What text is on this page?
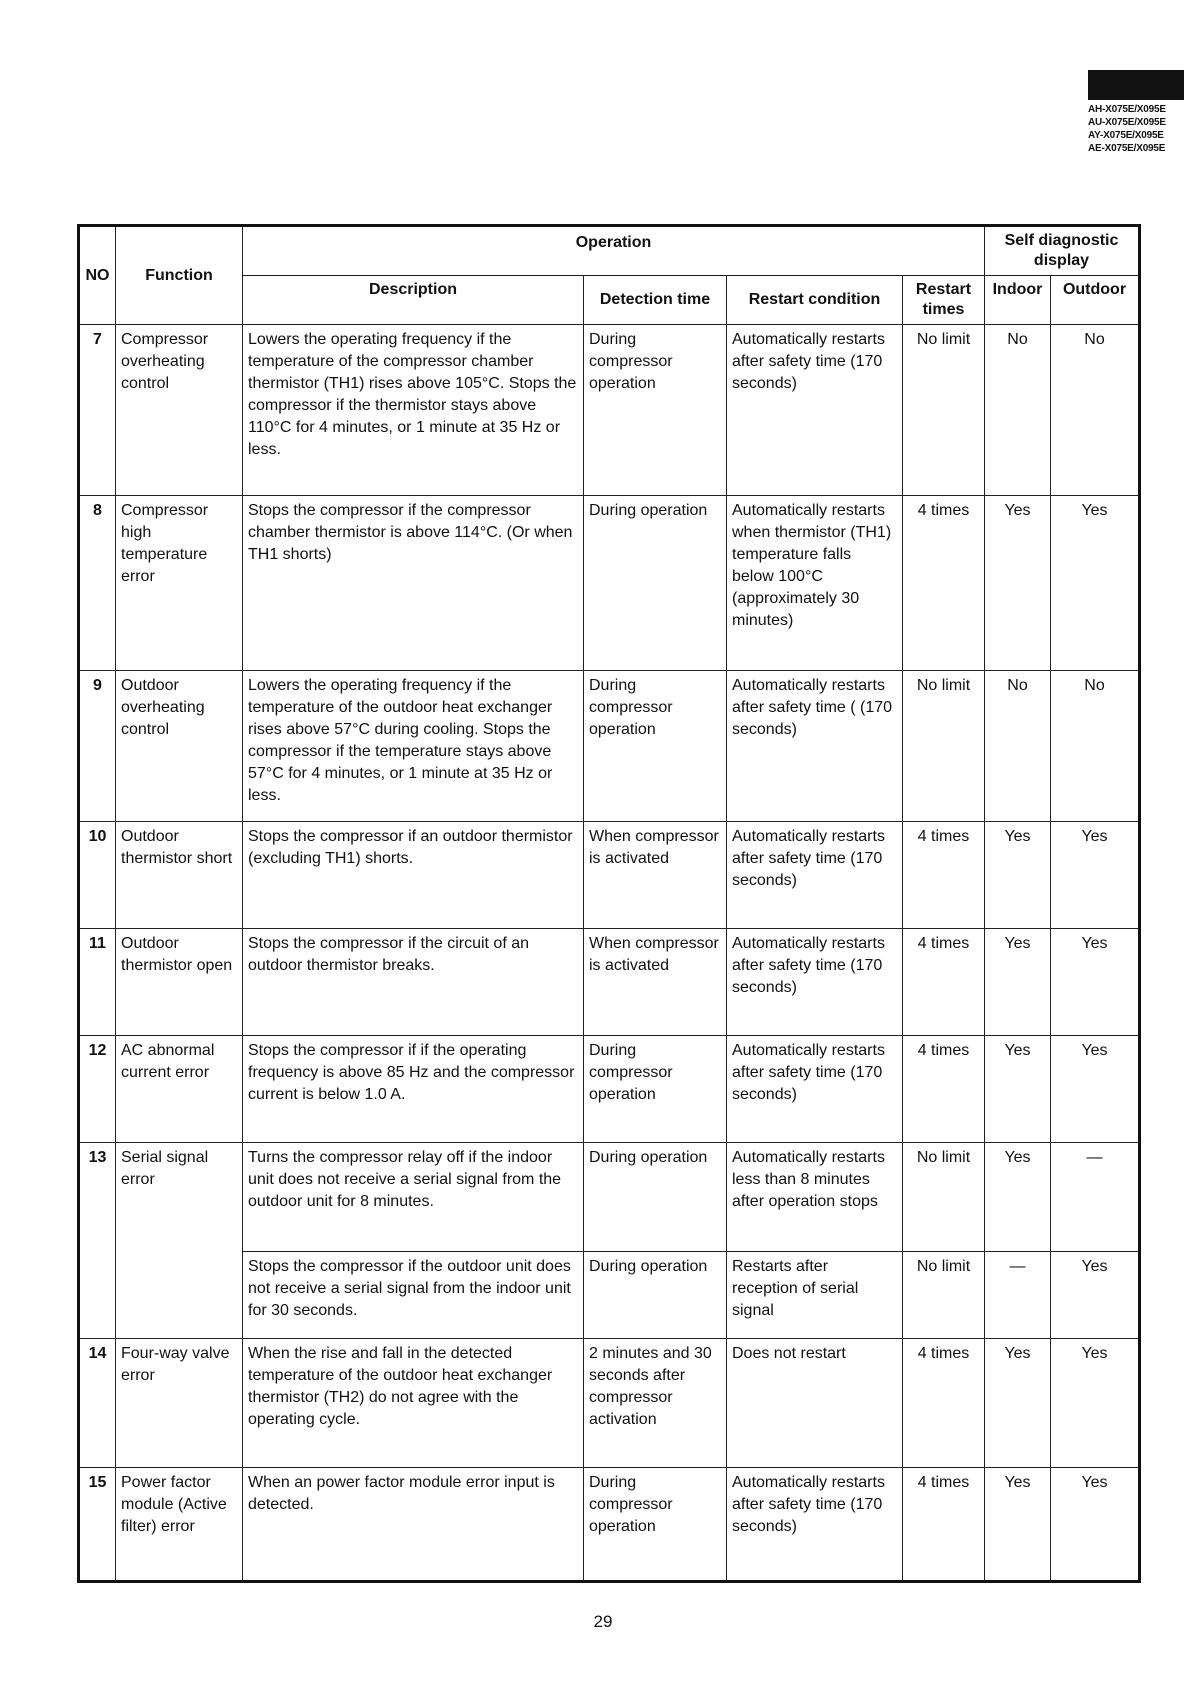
AH-X075E/X095E
AU-X075E/X095E
AY-X075E/X095E
AE-X075E/X095E
NO	Function	Operation				Self diagnostic display	
		Description	Detection time	Restart condition	Restart times	Indoor	Outdoor
7	Compressor overheating control	Lowers the operating frequency if the temperature of the compressor chamber thermistor (TH1) rises above 105°C. Stops the compressor if the thermistor stays above 110°C for 4 minutes, or 1 minute at 35 Hz or less.	During compressor operation	Automatically restarts after safety time (170 seconds)	No limit	No	No
8	Compressor high temperature error	Stops the compressor if the compressor chamber thermistor is above 114°C. (Or when TH1 shorts)	During operation	Automatically restarts when thermistor (TH1) temperature falls below 100°C (approximately 30 minutes)	4 times	Yes	Yes
9	Outdoor overheating control	Lowers the operating frequency if the temperature of the outdoor heat exchanger rises above 57°C during cooling. Stops the compressor if the temperature stays above 57°C for 4 minutes, or 1 minute at 35 Hz or less.	During compressor operation	Automatically restarts after safety time ( (170 seconds)	No limit	No	No
10	Outdoor thermistor short	Stops the compressor if an outdoor thermistor (excluding TH1) shorts.	When compressor is activated	Automatically restarts after safety time (170 seconds)	4 times	Yes	Yes
11	Outdoor thermistor open	Stops the compressor if the circuit of an outdoor thermistor breaks.	When compressor is activated	Automatically restarts after safety time (170 seconds)	4 times	Yes	Yes
12	AC abnormal current error	Stops the compressor if if the operating frequency is above 85 Hz and the compressor current is below 1.0 A.	During compressor operation	Automatically restarts after safety time (170 seconds)	4 times	Yes	Yes
13	Serial signal error	Turns the compressor relay off if the indoor unit does not receive a serial signal from the outdoor unit for 8 minutes.	During operation	Automatically restarts less than 8 minutes after operation stops	No limit	Yes	—
		Stops the compressor if the outdoor unit does not receive a serial signal from the indoor unit for 30 seconds.	During operation	Restarts after reception of serial signal	No limit	—	Yes
14	Four-way valve error	When the rise and fall in the detected temperature of the outdoor heat exchanger thermistor (TH2) do not agree with the operating cycle.	2 minutes and 30 seconds after compressor activation	Does not restart	4 times	Yes	Yes
15	Power factor module (Active filter) error	When an power factor module error input is detected.	During compressor operation	Automatically restarts after safety time (170 seconds)	4 times	Yes	Yes
29
